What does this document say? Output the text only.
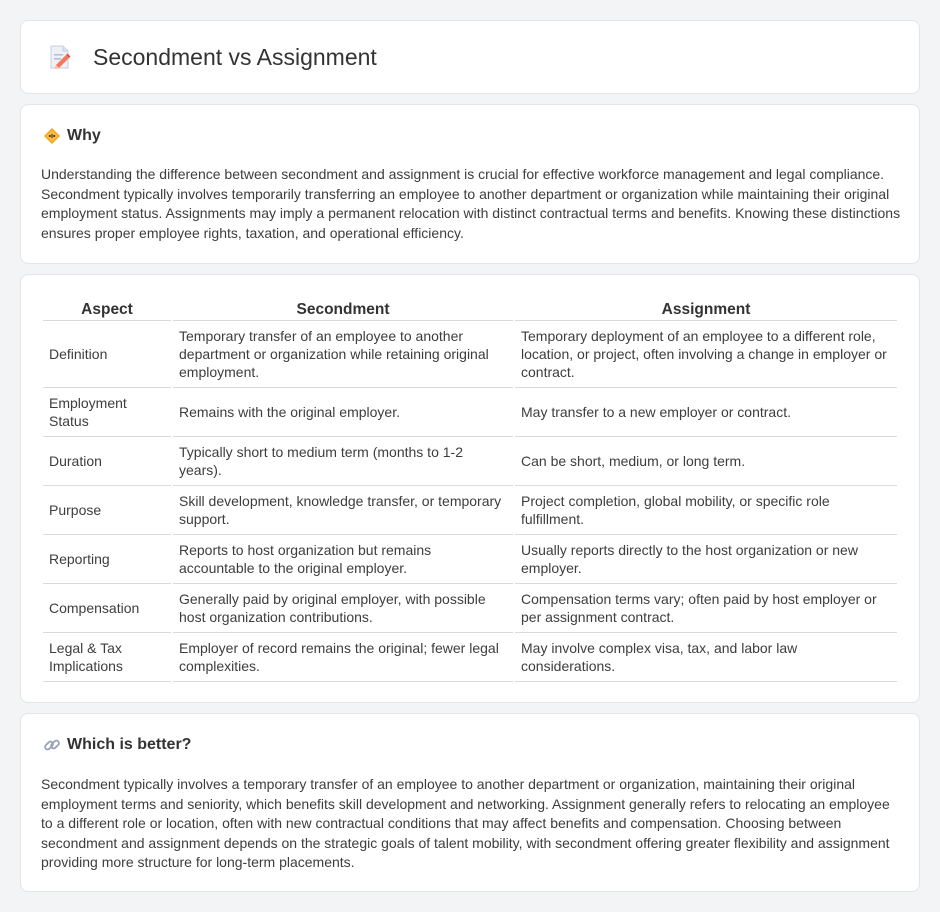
Secondment vs Assignment
Why

Understanding the difference between secondment and assignment is crucial for effective workforce management and legal compliance. Secondment typically involves temporarily transferring an employee to another department or organization while maintaining their original employment status. Assignments may imply a permanent relocation with distinct contractual terms and benefits. Knowing these distinctions ensures proper employee rights, taxation, and operational efficiency.

Aspect	Secondment	Assignment
Definition	Temporary transfer of an employee to another department or organization while retaining original employment.	Temporary deployment of an employee to a different role, location, or project, often involving a change in employer or contract.
Employment Status	Remains with the original employer.	May transfer to a new employer or contract.
Duration	Typically short to medium term (months to 1-2 years).	Can be short, medium, or long term.
Purpose	Skill development, knowledge transfer, or temporary support.	Project completion, global mobility, or specific role fulfillment.
Reporting	Reports to host organization but remains accountable to the original employer.	Usually reports directly to the host organization or new employer.
Compensation	Generally paid by original employer, with possible host organization contributions.	Compensation terms vary; often paid by host employer or per assignment contract.
Legal & Tax Implications	Employer of record remains the original; fewer legal complexities.	May involve complex visa, tax, and labor law considerations.
Which is better?

Secondment typically involves a temporary transfer of an employee to another department or organization, maintaining their original employment terms and seniority, which benefits skill development and networking. Assignment generally refers to relocating an employee to a different role or location, often with new contractual conditions that may affect benefits and compensation. Choosing between secondment and assignment depends on the strategic goals of talent mobility, with secondment offering greater flexibility and assignment providing more structure for long-term placements.
